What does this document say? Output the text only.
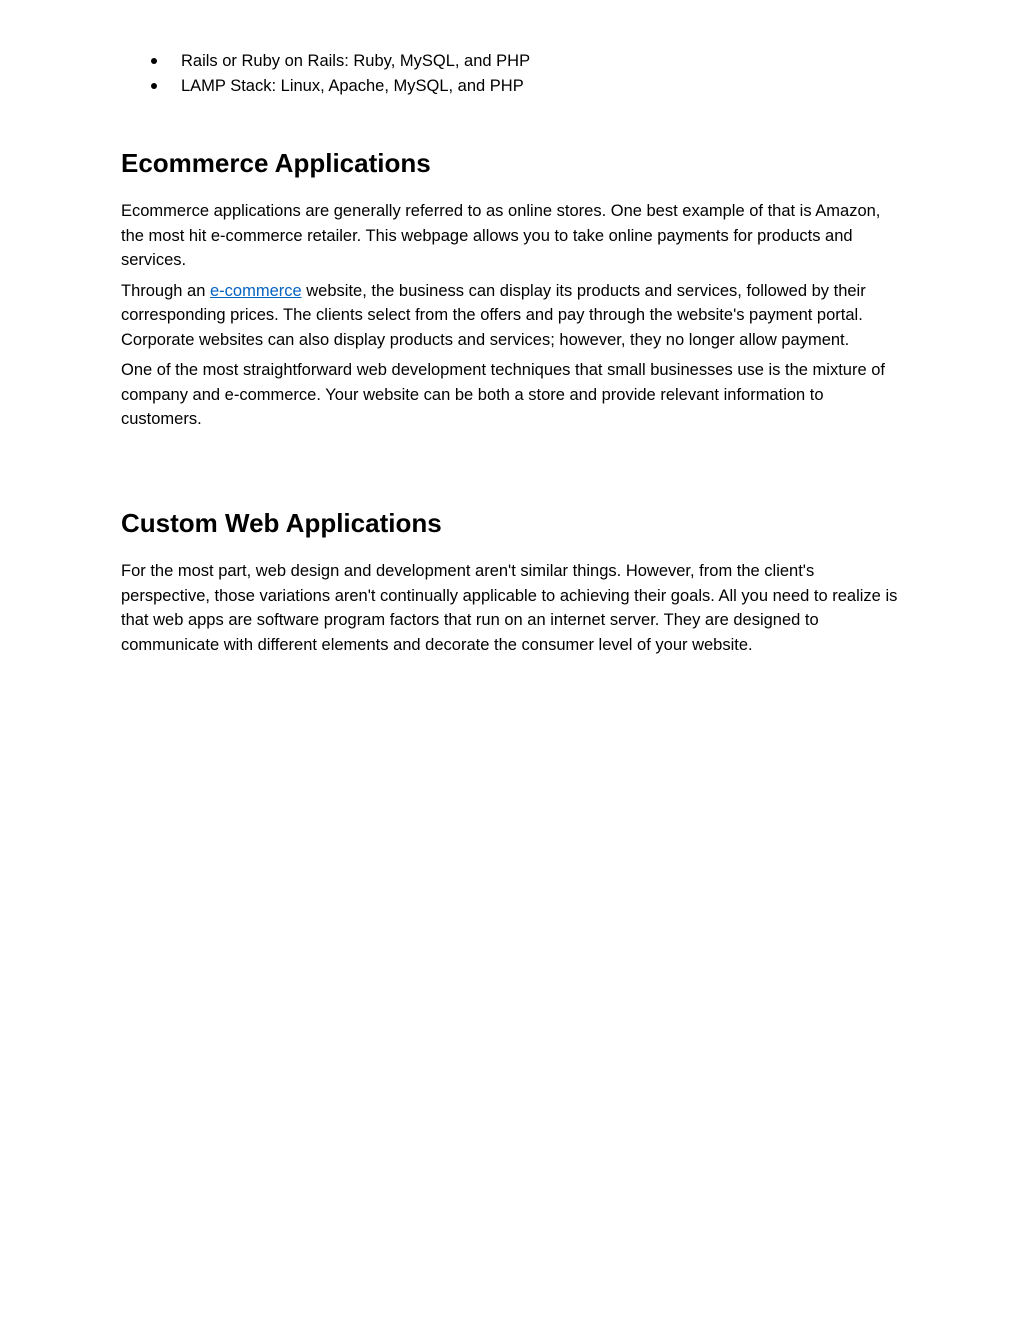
Rails or Ruby on Rails: Ruby, MySQL, and PHP
LAMP Stack: Linux, Apache, MySQL, and PHP
Ecommerce Applications

Ecommerce applications are generally referred to as online stores. One best example of that is Amazon, the most hit e-commerce retailer. This webpage allows you to take online payments for products and services.

Through an e-commerce website, the business can display its products and services, followed by their corresponding prices. The clients select from the offers and pay through the website's payment portal. Corporate websites can also display products and services; however, they no longer allow payment.

One of the most straightforward web development techniques that small businesses use is the mixture of company and e-commerce. Your website can be both a store and provide relevant information to customers.

Custom Web Applications

For the most part, web design and development aren't similar things. However, from the client's perspective, those variations aren't continually applicable to achieving their goals. All you need to realize is that web apps are software program factors that run on an internet server. They are designed to communicate with different elements and decorate the consumer level of your website.
